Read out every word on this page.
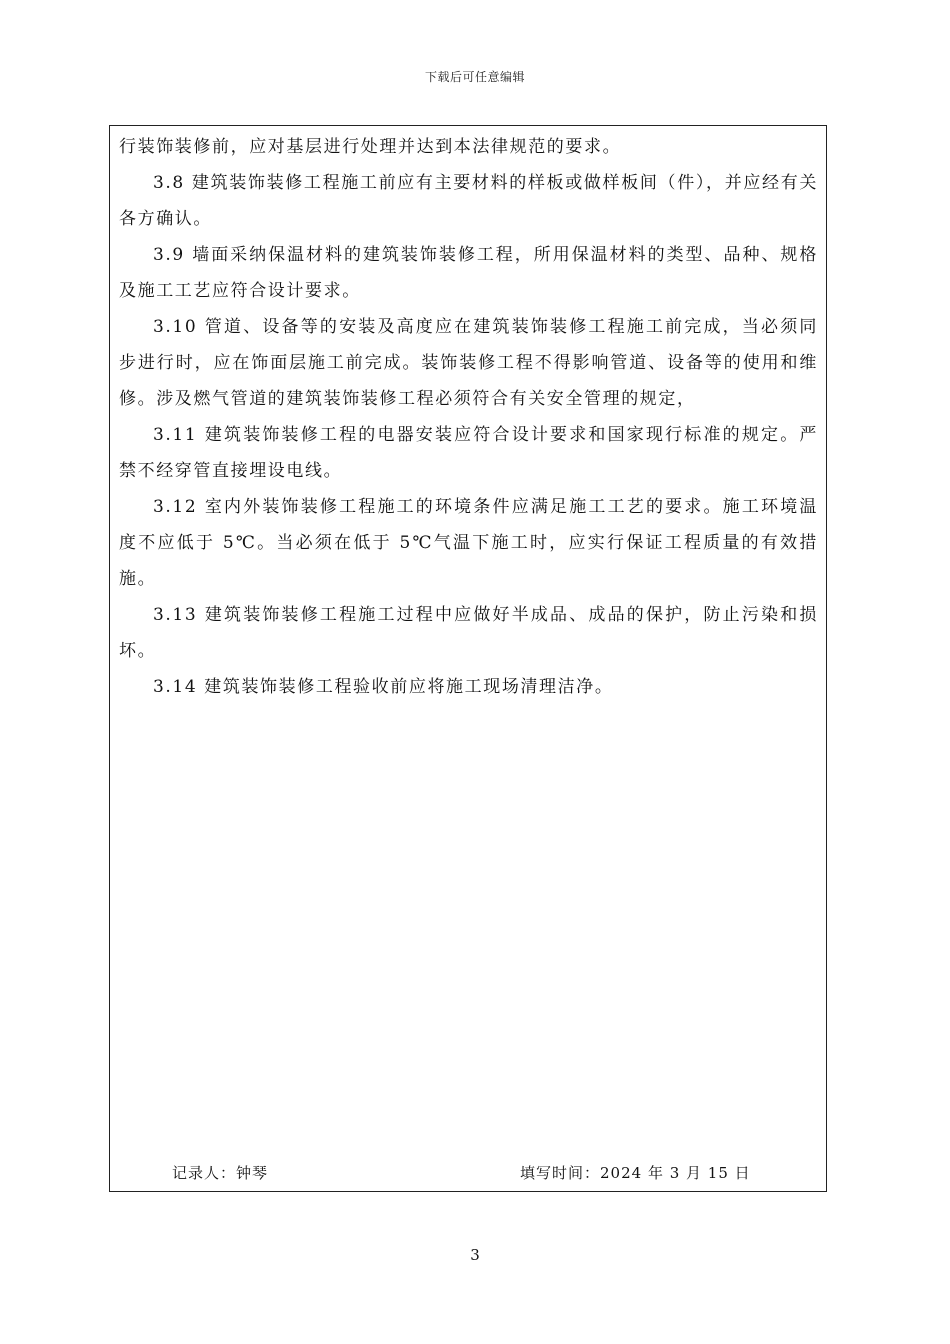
下载后可任意编辑

行装饰装修前，应对基层进行处理并达到本法律规范的要求。

3.8 建筑装饰装修工程施工前应有主要材料的样板或做样板间（件），并应经有关各方确认。

3.9 墙面采纳保温材料的建筑装饰装修工程，所用保温材料的类型、品种、规格及施工工艺应符合设计要求。

3.10 管道、设备等的安装及高度应在建筑装饰装修工程施工前完成，当必须同步进行时，应在饰面层施工前完成。装饰装修工程不得影响管道、设备等的使用和维修。涉及燃气管道的建筑装饰装修工程必须符合有关安全管理的规定，

3.11 建筑装饰装修工程的电器安装应符合设计要求和国家现行标准的规定。严禁不经穿管直接埋设电线。

3.12 室内外装饰装修工程施工的环境条件应满足施工工艺的要求。施工环境温度不应低于 5℃。当必须在低于 5℃气温下施工时，应实行保证工程质量的有效措施。

3.13 建筑装饰装修工程施工过程中应做好半成品、成品的保护，防止污染和损坏。

3.14 建筑装饰装修工程验收前应将施工现场清理洁净。

记录人：钟琴	填写时间：2024 年 3 月 15 日
3
